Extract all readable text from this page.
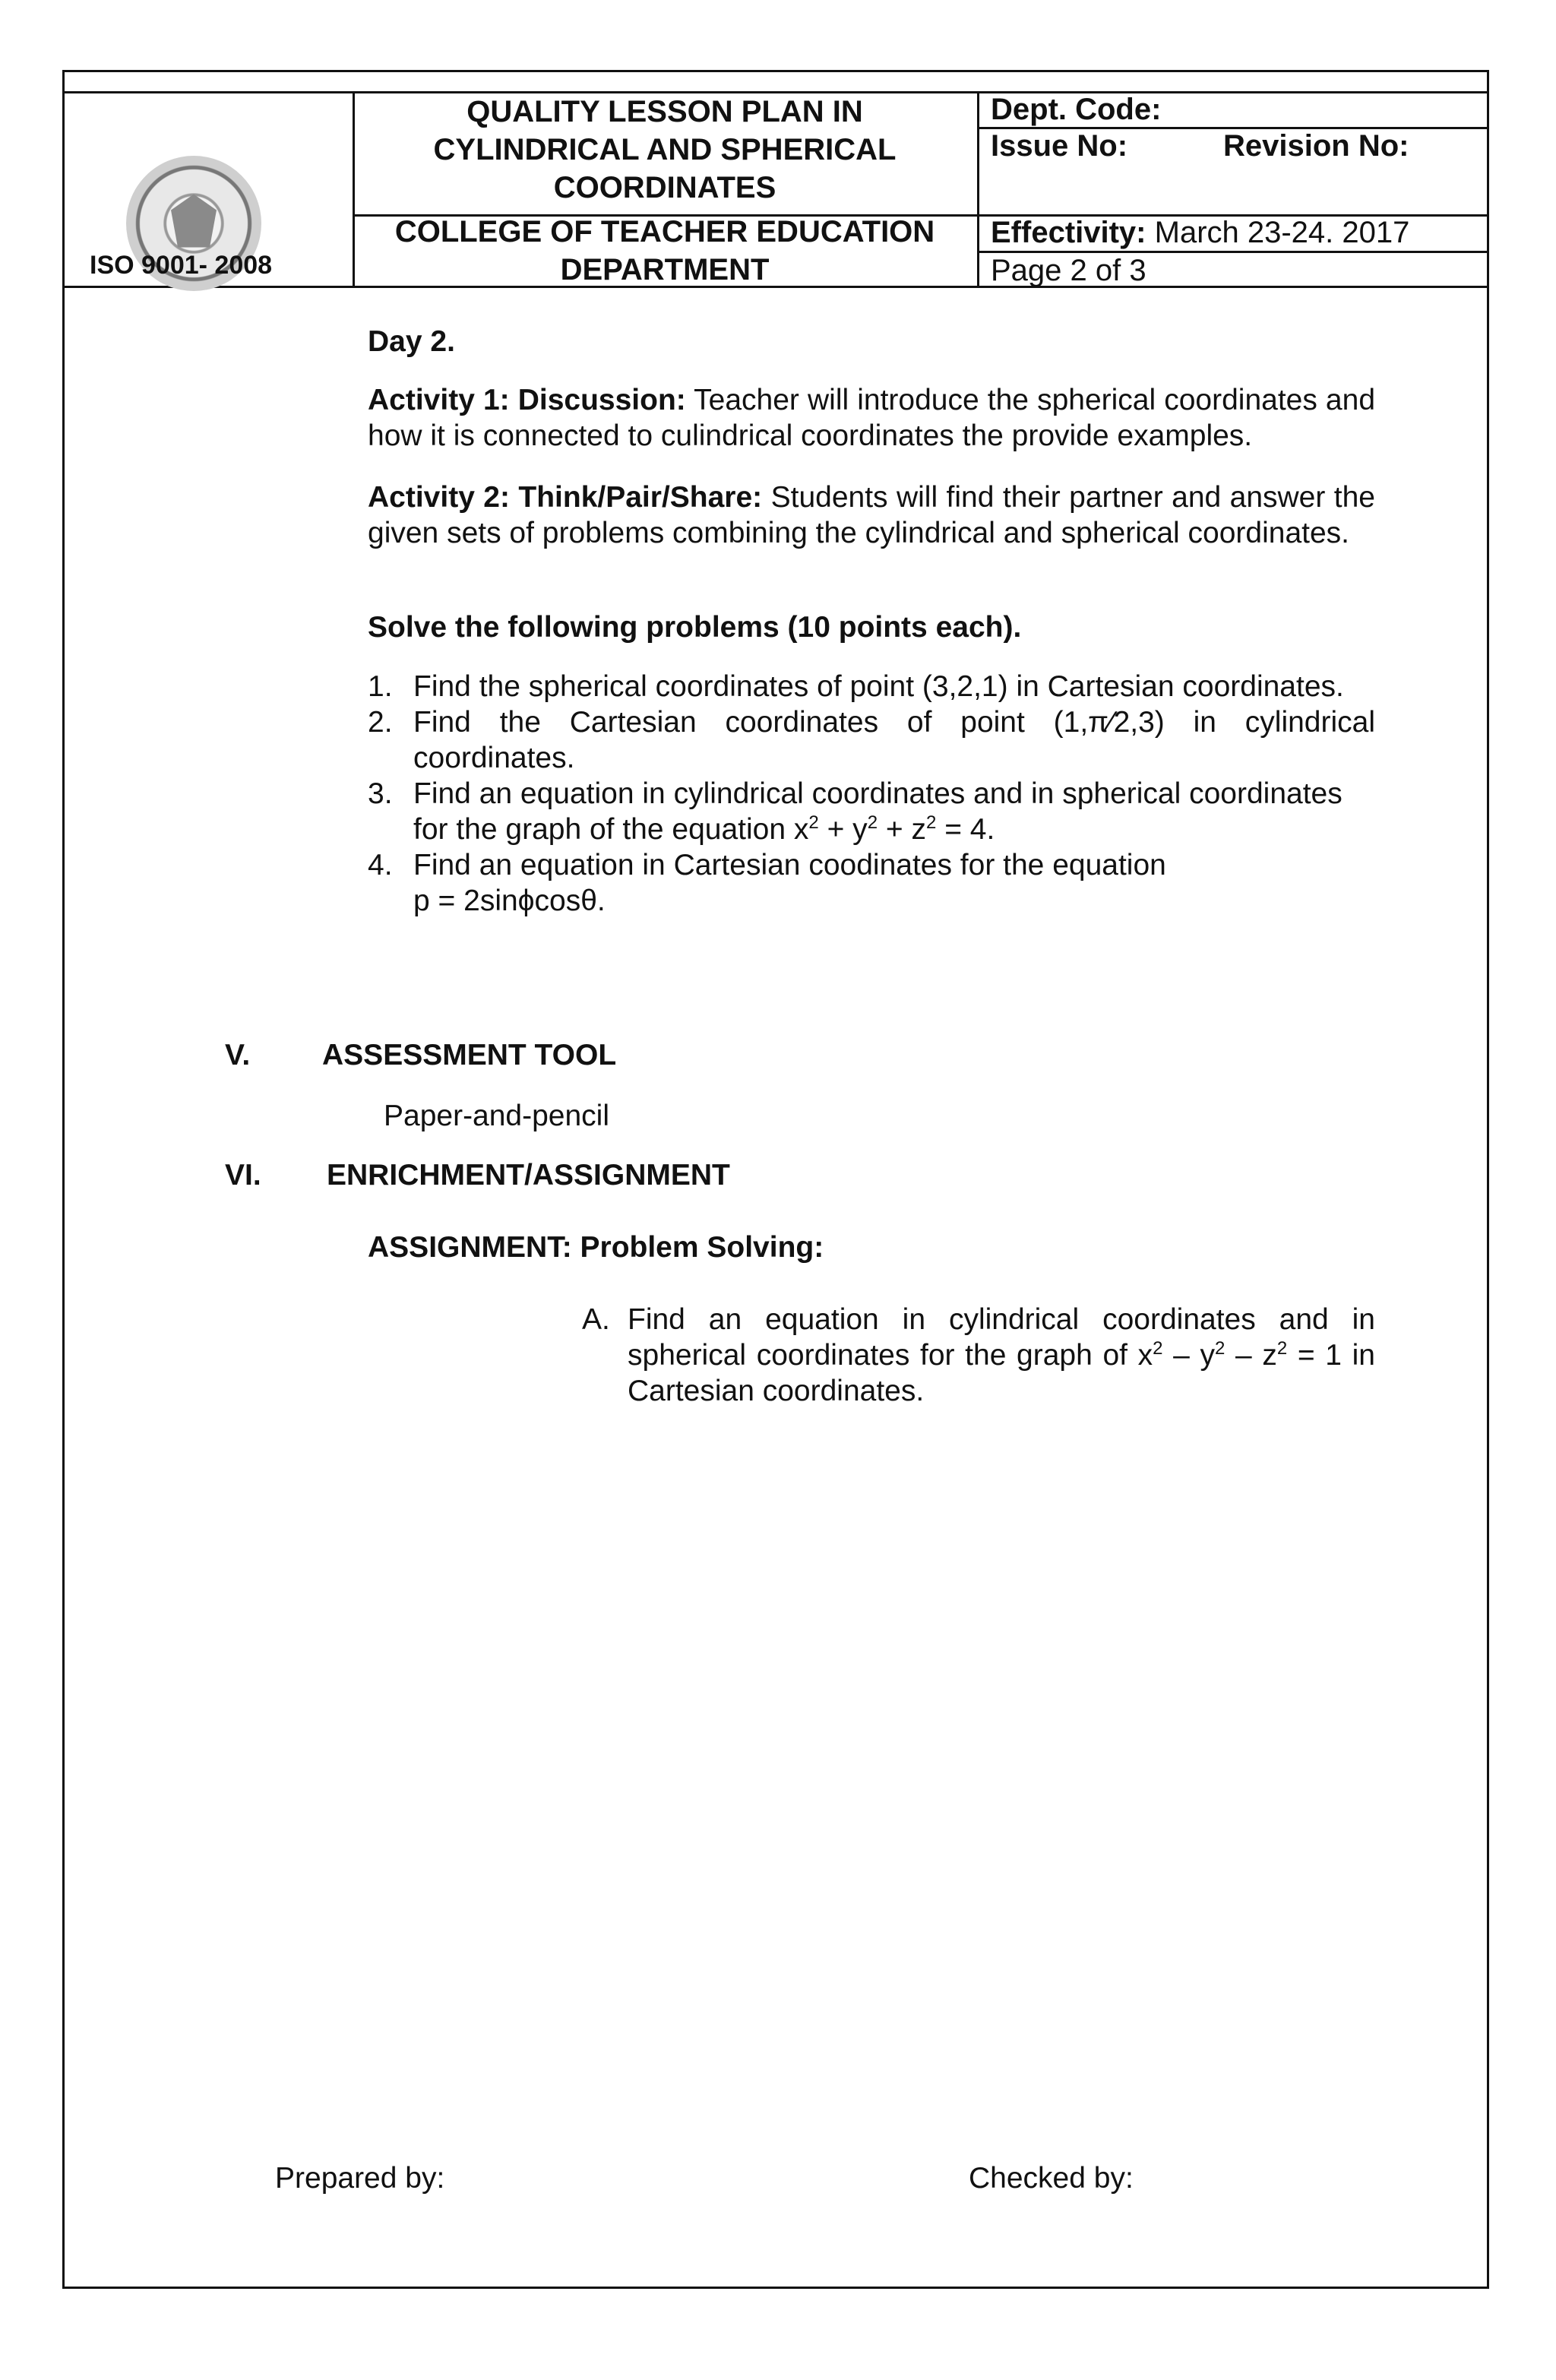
ISO 9001- 2008
QUALITY LESSON PLAN IN CYLINDRICAL AND SPHERICAL COORDINATES
COLLEGE OF TEACHER EDUCATION DEPARTMENT
Dept. Code:
Issue No:	Revision No:
Effectivity: March 23-24. 2017
Page 2 of 3
Day 2.
Activity 1: Discussion: Teacher will introduce the spherical coordinates and how it is connected to culindrical coordinates the provide examples.
Activity 2: Think/Pair/Share: Students will find their partner and answer the given sets of problems combining the cylindrical and spherical coordinates.
Solve the following problems (10 points each).
1. Find the spherical coordinates of point (3,2,1) in Cartesian coordinates.
2. Find the Cartesian coordinates of point (1,π⁄2,3) in cylindrical coordinates.
3. Find an equation in cylindrical coordinates and in spherical coordinates for the graph of the equation $x^2 + y^2 + z^2 = 4$.
4. Find an equation in Cartesian coodinates for the equation
p = 2sinϕcosθ.
V. ASSESSMENT TOOL
Paper-and-pencil
VI. ENRICHMENT/ASSIGNMENT
ASSIGNMENT: Problem Solving:
A. Find an equation in cylindrical coordinates and in spherical coordinates for the graph of $x^2 - y^2 - z^2 = 1$ in Cartesian coordinates.
Prepared by:	Checked by:
